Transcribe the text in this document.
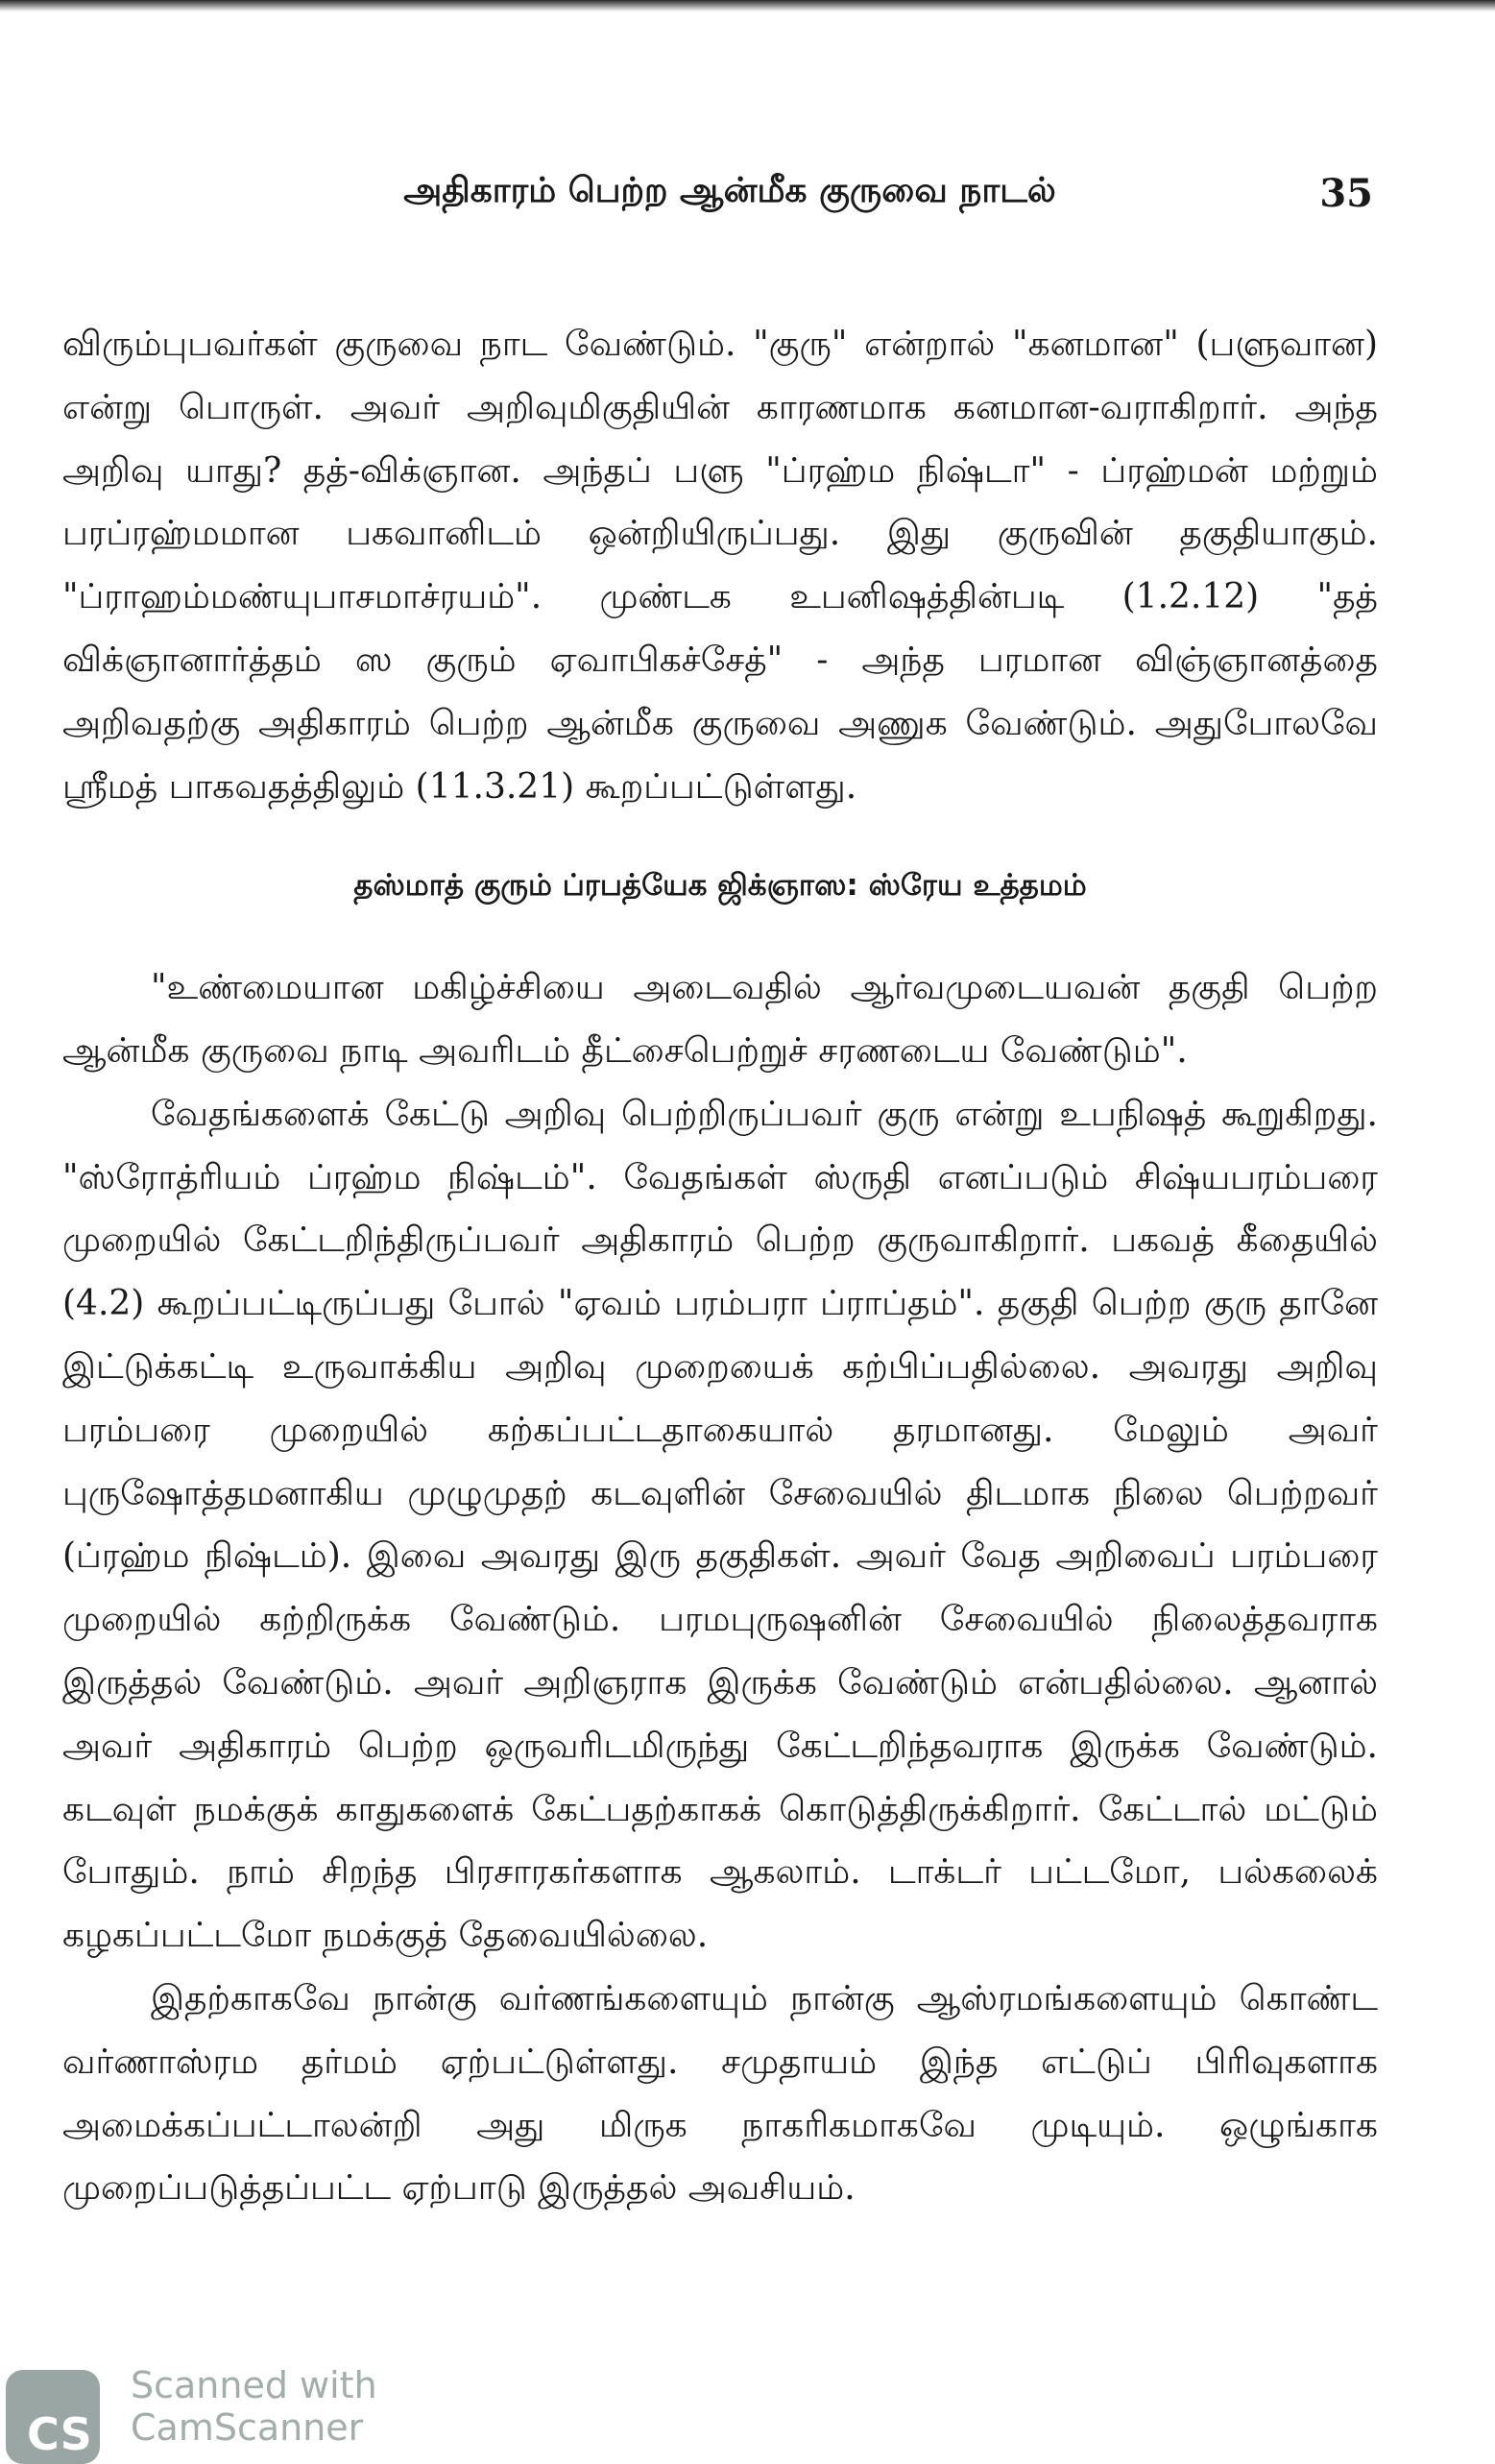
அதிகாரம் பெற்ற ஆன்மீக குருவை நாடல்	35

விரும்புபவர்கள் குருவை நாட வேண்டும். "குரு" என்றால் "கனமான" (பளுவான) என்று பொருள். அவர் அறிவுமிகுதியின் காரணமாக கனமான-வராகிறார். அந்த அறிவு யாது? தத்-விக்ஞான. அந்தப் பளு "ப்ரஹ்ம நிஷ்டா" - ப்ரஹ்மன் மற்றும் பரப்ரஹ்மமான பகவானிடம் ஒன்றியிருப்பது. இது குருவின் தகுதியாகும். "ப்ராஹம்மண்யுபாசமாச்ரயம்". முண்டக உபனிஷத்தின்படி (1.2.12) "தத் விக்ஞானார்த்தம் ஸ குரும் ஏவாபிகச்சேத்" - அந்த பரமான விஞ்ஞானத்தை அறிவதற்கு அதிகாரம் பெற்ற ஆன்மீக குருவை அணுக வேண்டும். அதுபோலவே ஸ்ரீமத் பாகவதத்திலும் (11.3.21) கூறப்பட்டுள்ளது.

தஸ்மாத் குரும் ப்ரபத்யேக ஜிக்ஞாஸ: ஸ்ரேய உத்தமம்

"உண்மையான மகிழ்ச்சியை அடைவதில் ஆர்வமுடையவன் தகுதி பெற்ற ஆன்மீக குருவை நாடி அவரிடம் தீட்சைபெற்றுச் சரணடைய வேண்டும்".

வேதங்களைக் கேட்டு அறிவு பெற்றிருப்பவர் குரு என்று உபநிஷத் கூறுகிறது. "ஸ்ரோத்ரியம் ப்ரஹ்ம நிஷ்டம்". வேதங்கள் ஸ்ருதி எனப்படும் சிஷ்யபரம்பரை முறையில் கேட்டறிந்திருப்பவர் அதிகாரம் பெற்ற குருவாகிறார். பகவத் கீதையில் (4.2) கூறப்பட்டிருப்பது போல் "ஏவம் பரம்பரா ப்ராப்தம்". தகுதி பெற்ற குரு தானே இட்டுக்கட்டி உருவாக்கிய அறிவு முறையைக் கற்பிப்பதில்லை. அவரது அறிவு பரம்பரை முறையில் கற்கப்பட்டதாகையால் தரமானது. மேலும் அவர் புருஷோத்தமனாகிய முழுமுதற் கடவுளின் சேவையில் திடமாக நிலை பெற்றவர் (ப்ரஹ்ம நிஷ்டம்). இவை அவரது இரு தகுதிகள். அவர் வேத அறிவைப் பரம்பரை முறையில் கற்றிருக்க வேண்டும். பரமபுருஷனின் சேவையில் நிலைத்தவராக இருத்தல் வேண்டும். அவர் அறிஞராக இருக்க வேண்டும் என்பதில்லை. ஆனால் அவர் அதிகாரம் பெற்ற ஒருவரிடமிருந்து கேட்டறிந்தவராக இருக்க வேண்டும். கடவுள் நமக்குக் காதுகளைக் கேட்பதற்காகக் கொடுத்திருக்கிறார். கேட்டால் மட்டும் போதும். நாம் சிறந்த பிரசாரகர்களாக ஆகலாம். டாக்டர் பட்டமோ, பல்கலைக் கழகப்பட்டமோ நமக்குத் தேவையில்லை.

இதற்காகவே நான்கு வர்ணங்களையும் நான்கு ஆஸ்ரமங்களையும் கொண்ட வர்ணாஸ்ரம தர்மம் ஏற்பட்டுள்ளது. சமுதாயம் இந்த எட்டுப் பிரிவுகளாக அமைக்கப்பட்டாலன்றி அது மிருக நாகரிகமாகவே முடியும். ஒழுங்காக முறைப்படுத்தப்பட்ட ஏற்பாடு இருத்தல் அவசியம்.

CS
Scanned with
CamScanner
